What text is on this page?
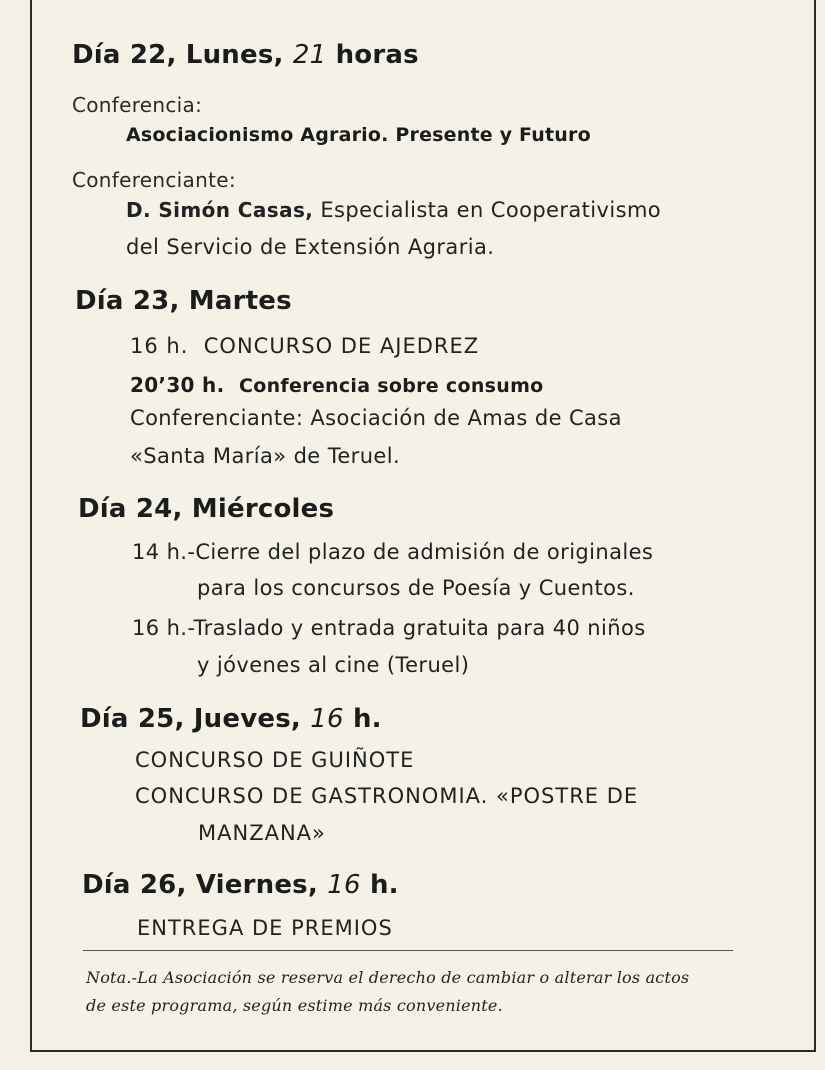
Día 22, Lunes, 21 horas
Conferencia:
Asociacionismo Agrario. Presente y Futuro
Conferenciante:
D. Simón Casas, Especialista en Cooperativismo
del Servicio de Extensión Agraria.
Día 23, Martes
16 h. CONCURSO DE AJEDREZ
20’30 h. Conferencia sobre consumo
Conferenciante: Asociación de Amas de Casa
«Santa María» de Teruel.
Día 24, Miércoles
14 h.-Cierre del plazo de admisión de originales
para los concursos de Poesía y Cuentos.
16 h.-Traslado y entrada gratuita para 40 niños
y jóvenes al cine (Teruel)
Día 25, Jueves, 16 h.
CONCURSO DE GUIÑOTE
CONCURSO DE GASTRONOMIA. «POSTRE DE
MANZANA»
Día 26, Viernes, 16 h.
ENTREGA DE PREMIOS
Nota.-La Asociación se reserva el derecho de cambiar o alterar los actos
de este programa, según estime más conveniente.
